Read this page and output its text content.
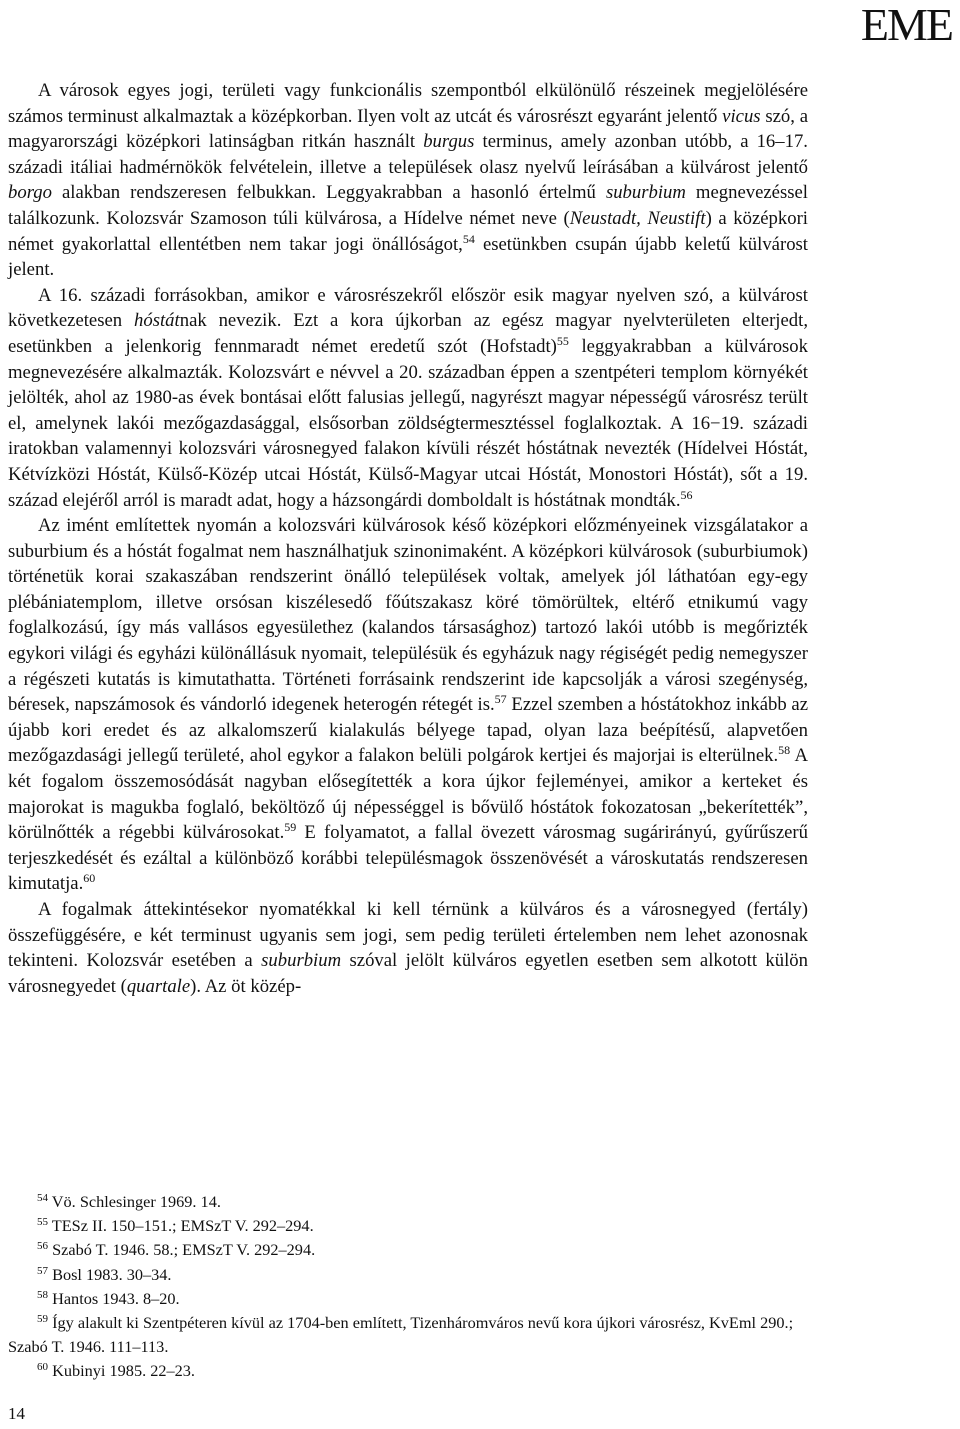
EME

A városok egyes jogi, területi vagy funkcionális szempontból elkülönülő részeinek megjelölésére számos terminust alkalmaztak a középkorban. Ilyen volt az utcát és városrészt egyaránt jelentő vicus szó, a magyarországi középkori latinságban ritkán használt burgus terminus, amely azonban utóbb, a 16–17. századi itáliai hadmérnökök felvételein, illetve a települések olasz nyelvű leírásában a külvárost jelentő borgo alakban rendszeresen felbukkan. Leggyakrabban a hasonló értelmű suburbium megnevezéssel találkozunk. Kolozsvár Szamoson túli külvárosa, a Hídelve német neve (Neustadt, Neustift) a középkori német gyakorlattal ellentétben nem takar jogi önállóságot,$^{54}$ esetünkben csupán újabb keletű külvárost jelent.

A 16. századi forrásokban, amikor e városrészekről először esik magyar nyelven szó, a külvárost következetesen hóstátnak nevezik. Ezt a kora újkorban az egész magyar nyelvterületen elterjedt, esetünkben a jelenkorig fennmaradt német eredetű szót (Hofstadt)$^{55}$ leggyakrabban a külvárosok megnevezésére alkalmazták. Kolozsvárt e névvel a 20. században éppen a szentpéteri templom környékét jelölték, ahol az 1980-as évek bontásai előtt falusias jellegű, nagyrészt magyar népességű városrész terült el, amelynek lakói mezőgazdasággal, elsősorban zöldségtermesztéssel foglalkoztak. A 16−19. századi iratokban valamennyi kolozsvári városnegyed falakon kívüli részét hóstátnak nevezték (Hídelvei Hóstát, Kétvízközi Hóstát, Külső-Közép utcai Hóstát, Külső-Magyar utcai Hóstát, Monostori Hóstát), sőt a 19. század elejéről arról is maradt adat, hogy a házsongárdi domboldalt is hóstátnak mondták.$^{56}$

Az imént említettek nyomán a kolozsvári külvárosok késő középkori előzményeinek vizsgálatakor a suburbium és a hóstát fogalmat nem használhatjuk szinonimaként. A középkori külvárosok (suburbiumok) történetük korai szakaszában rendszerint önálló települések voltak, amelyek jól láthatóan egy-egy plébániatemplom, illetve orsósan kiszélesedő főútszakasz köré tömörültek, eltérő etnikumú vagy foglalkozású, így más vallásos egyesülethez (kalandos társasághoz) tartozó lakói utóbb is megőrizték egykori világi és egyházi különállásuk nyomait, településük és egyházuk nagy régiségét pedig nemegyszer a régészeti kutatás is kimutathatta. Történeti forrásaink rendszerint ide kapcsolják a városi szegénység, béresek, napszámosok és vándorló idegenek heterogén rétegét is.$^{57}$ Ezzel szemben a hóstátokhoz inkább az újabb kori eredet és az alkalomszerű kialakulás bélyege tapad, olyan laza beépítésű, alapvetően mezőgazdasági jellegű területé, ahol egykor a falakon belüli polgárok kertjei és majorjai is elterülnek.$^{58}$ A két fogalom összemosódását nagyban elősegítették a kora újkor fejleményei, amikor a kerteket és majorokat is magukba foglaló, beköltöző új népességgel is bővülő hóstátok fokozatosan „bekerítették”, körülnőtték a régebbi külvárosokat.$^{59}$ E folyamatot, a fallal övezett városmag sugárirányú, gyűrűszerű terjeszkedését és ezáltal a különböző korábbi településmagok összenövését a városkutatás rendszeresen kimutatja.$^{60}$

A fogalmak áttekintésekor nyomatékkal ki kell térnünk a külváros és a városnegyed (fertály) összefüggésére, e két terminust ugyanis sem jogi, sem pedig területi értelemben nem lehet azonosnak tekinteni. Kolozsvár esetében a suburbium szóval jelölt külváros egyetlen esetben sem alkotott külön városnegyedet (quartale). Az öt közép-

$^{54}$ Vö. Schlesinger 1969. 14.

$^{55}$ TESz II. 150–151.; EMSzT V. 292–294.

$^{56}$ Szabó T. 1946. 58.; EMSzT V. 292–294.

$^{57}$ Bosl 1983. 30–34.

$^{58}$ Hantos 1943. 8–20.

$^{59}$ Így alakult ki Szentpéteren kívül az 1704-ben említett, Tizenháromváros nevű kora újkori városrész, KvEml 290.; Szabó T. 1946. 111–113.

$^{60}$ Kubinyi 1985. 22–23.

14
